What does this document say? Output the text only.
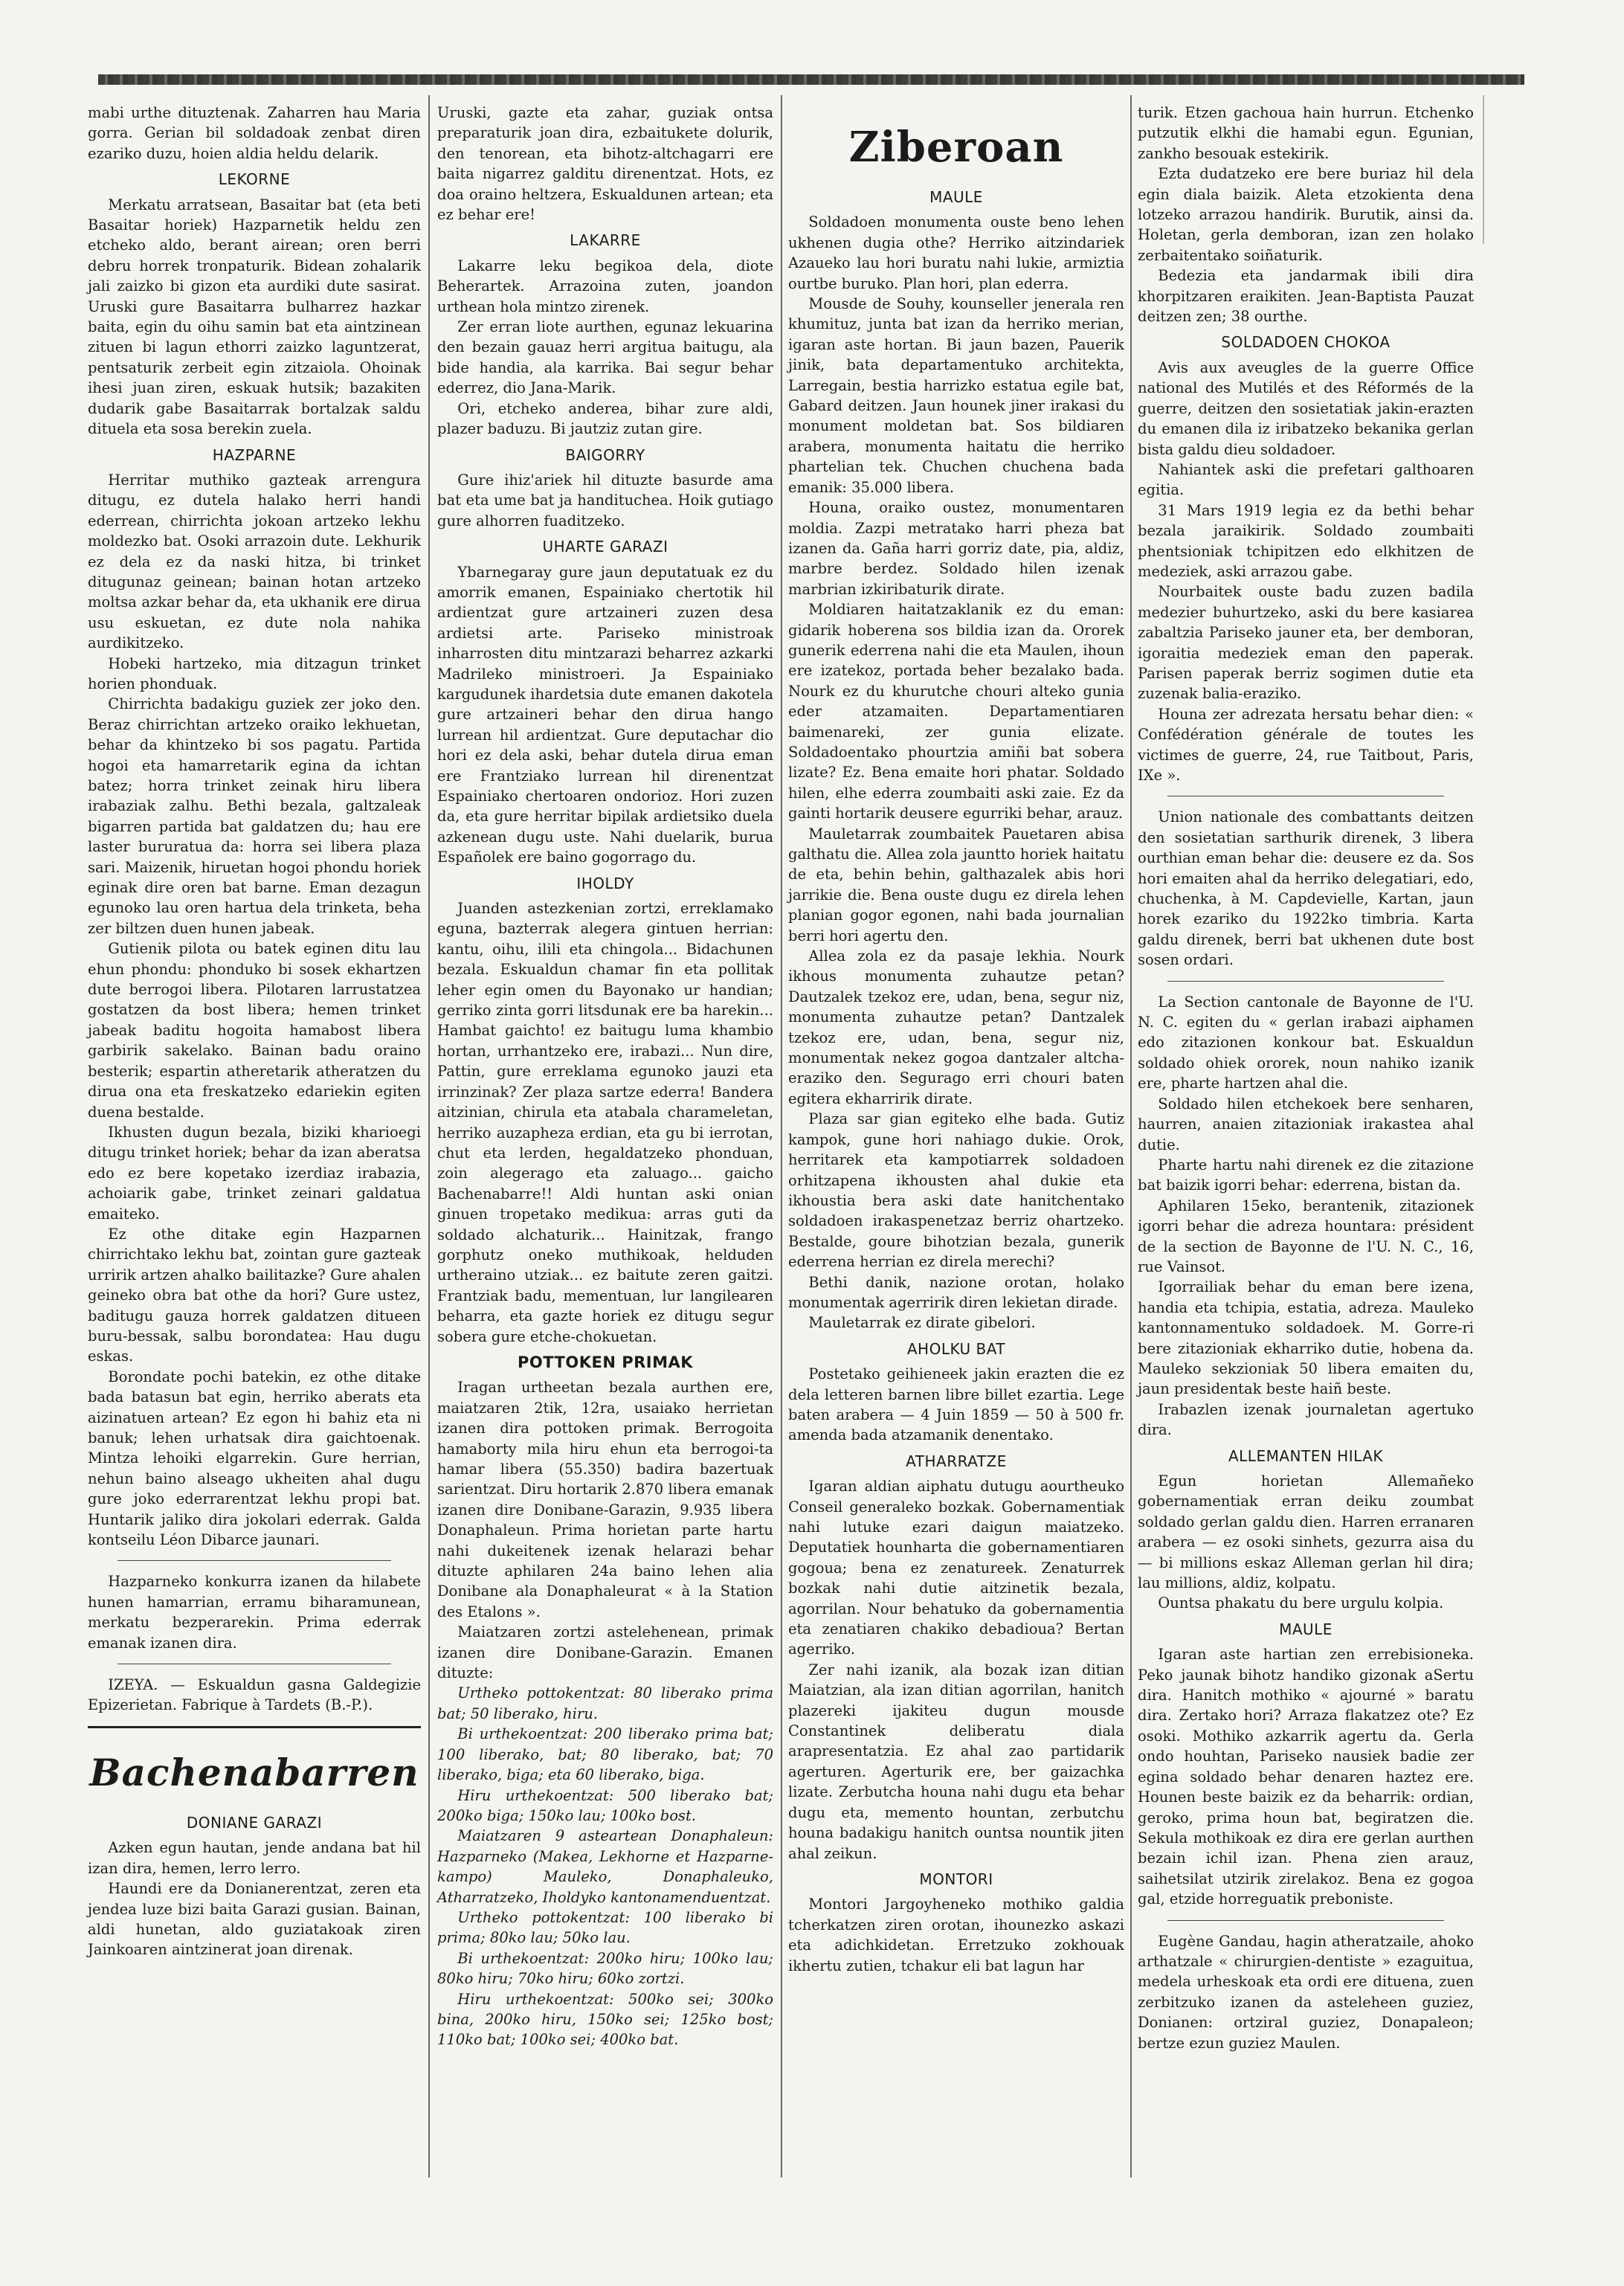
mabi urthe dituztenak. Zaharren hau Maria gorra. Gerian bil soldadoak zenbat diren ezariko duzu, hoien aldia heldu delarik.

LEKORNE

Merkatu arratsean, Basaitar bat (eta beti Basaitar horiek) Hazparnetik heldu zen etcheko aldo, berant airean; oren berri debru horrek tronpaturik. Bidean zohalarik jali zaizko bi gizon eta aurdiki dute sasirat. Uruski gure Basaitarra bulharrez hazkar baita, egin du oihu samin bat eta aintzinean zituen bi lagun ethorri zaizko laguntzerat, pentsaturik zerbeit egin zitzaiola. Ohoinak ihesi juan ziren, eskuak hutsik; bazakiten dudarik gabe Basaitarrak bortalzak saldu dituela eta sosa berekin zuela.

HAZPARNE

Herritar muthiko gazteak arrengura ditugu, ez dutela halako herri handi ederrean, chirrichta jokoan artzeko lekhu moldezko bat. Osoki arrazoin dute. Lekhurik ez dela ez da naski hitza, bi trinket ditugunaz geinean; bainan hotan artzeko moltsa azkar behar da, eta ukhanik ere dirua usu eskuetan, ez dute nola nahika aurdikitzeko.

Hobeki hartzeko, mia ditzagun trinket horien phonduak.

Chirrichta badakigu guziek zer joko den. Beraz chirrichtan artzeko oraiko lekhuetan, behar da khintzeko bi sos pagatu. Partida hogoi eta hamarretarik egina da ichtan batez; horra trinket zeinak hiru libera irabaziak zalhu. Bethi bezala, galtzaleak bigarren partida bat galdatzen du; hau ere laster bururatua da: horra sei libera plaza sari. Maizenik, hiruetan hogoi phondu horiek eginak dire oren bat barne. Eman dezagun egunoko lau oren hartua dela trinketa, beha zer biltzen duen hunen jabeak.

Gutienik pilota ou batek eginen ditu lau ehun phondu: phonduko bi sosek ekhartzen dute berrogoi libera. Pilotaren larrustatzea gostatzen da bost libera; hemen trinket jabeak baditu hogoita hamabost libera garbirik sakelako. Bainan badu oraino besterik; espartin atheretarik atheratzen du dirua ona eta freskatzeko edariekin egiten duena bestalde.

Ikhusten dugun bezala, biziki kharioegi ditugu trinket horiek; behar da izan aberatsa edo ez bere kopetako izerdiaz irabazia, achoiarik gabe, trinket zeinari galdatua emaiteko.

Ez othe ditake egin Hazparnen chirrichtako lekhu bat, zointan gure gazteak urririk artzen ahalko bailitazke? Gure ahalen geineko obra bat othe da hori? Gure ustez, baditugu gauza horrek galdatzen ditueen buru-bessak, salbu borondatea: Hau dugu eskas.

Borondate pochi batekin, ez othe ditake bada batasun bat egin, herriko aberats eta aizinatuen artean? Ez egon hi bahiz eta ni banuk; lehen urhatsak dira gaichtoenak. Mintza lehoiki elgarrekin. Gure herrian, nehun baino alseago ukheiten ahal dugu gure joko ederrarentzat lekhu propi bat. Huntarik jaliko dira jokolari ederrak. Galda kontseilu Léon Dibarce jaunari.

Hazparneko konkurra izanen da hilabete hunen hamarrian, erramu biharamunean, merkatu bezperarekin. Prima ederrak emanak izanen dira.

IZEYA. — Eskualdun gasna Galdegizie Epizerietan. Fabrique à Tardets (B.-P.).

Bachenabarren
DONIANE GARAZI

Azken egun hautan, jende andana bat hil izan dira, hemen, lerro lerro.

Haundi ere da Donianerentzat, zeren eta jendea luze bizi baita Garazi gusian. Bainan, aldi hunetan, aldo guziatakoak ziren Jainkoaren aintzinerat joan direnak.

Uruski, gazte eta zahar, guziak ontsa preparaturik joan dira, ezbaitukete dolurik, den tenorean, eta bihotz-altchagarri ere baita nigarrez galditu direnentzat. Hots, ez doa oraino heltzera, Eskualdunen artean; eta ez behar ere!

LAKARRE

Lakarre leku begikoa dela, diote Beherartek. Arrazoina zuten, joandon urthean hola mintzo zirenek.

Zer erran liote aurthen, egunaz lekuarina den bezain gauaz herri argitua baitugu, ala bide handia, ala karrika. Bai segur behar ederrez, dio Jana-Marik.

Ori, etcheko andereа, bihar zure aldi, plazer baduzu. Bi jautziz zutan gire.

BAIGORRY

Gure ihiz'ariek hil dituzte basurde ama bat eta ume bat ja handituchea. Hoik gutiago gure alhorren fuaditzeko.

UHARTE GARAZI

Ybarnegaray gure jaun deputatuak ez du amorrik emanen, Espainiako chertotik hil ardientzat gure artzaineri zuzen desa ardietsi arte. Pariseko ministroak inharrosten ditu mintzarazi beharrez azkarki Madrileko ministroeri. Ja Espainiako kargudunek ihardetsia dute emanen dakotela gure artzaineri behar den dirua hango lurrean hil ardientzat. Gure deputachar dio hori ez dela aski, behar dutela dirua eman ere Frantziako lurrean hil direnentzat Espainiako chertoaren ondorioz. Hori zuzen da, eta gure herritar bipilak ardietsiko duela azkenean dugu uste. Nahi duelarik, burua Españolek ere baino gogorrago du.

IHOLDY

Juanden astezkenian zortzi, erreklamako eguna, bazterrak alegera gintuen herrian: kantu, oihu, ilili eta chingola... Bidachunen bezala. Eskualdun chamar fin eta pollitak leher egin omen du Bayonako ur handian; gerriko zinta gorri litsdunak ere ba harekin... Hambat gaichto! ez baitugu luma khambio hortan, urrhantzeko ere, irabazi... Nun dire, Pattin, gure erreklama egunoko jauzi eta irrinzinak? Zer plaza sartze ederra! Bandera aitzinian, chirula eta atabala charameletan, herriko auzapheza erdian, eta gu bi ierrotan, chut eta lerden, hegaldatzeko phonduan, zoin alegerago eta zaluago... gaicho Bachenabarre!! Aldi huntan aski onian ginuen tropetako medikua: arras guti da soldado alchaturik... Hainitzak, frango gorphutz oneko muthikoak, helduden urtheraino utziak... ez baitute zeren gaitzi. Frantziak badu, mementuan, lur langilearen beharra, eta gazte horiek ez ditugu segur sobera gure etche-chokuetan.

POTTOKEN PRIMAK

Iragan urtheetan bezala aurthen ere, maiatzaren 2tik, 12ra, usaiako herrietan izanen dira pottoken primak. Berrogoita hamaborty mila hiru ehun eta berrogoi-ta hamar libera (55.350) badira bazertuak sarientzat. Diru hortarik 2.870 libera emanak izanen dire Donibane-Garazin, 9.935 libera Donaphaleun. Prima horietan parte hartu nahi dukeitenek izenak helarazi behar dituzte aphilaren 24a baino lehen alia Donibane ala Donaphaleurat « à la Station des Etalons ».

Maiatzaren zortzi astelehenean, primak izanen dire Donibane-Garazin. Emanen dituzte:

Urtheko pottokentzat: 80 liberako prima bat; 50 liberako, hiru.

Bi urthekoentzat: 200 liberako prima bat; 100 liberako, bat; 80 liberako, bat; 70 liberako, biga; eta 60 liberako, biga.

Hiru urthekoentzat: 500 liberako bat; 200ko biga; 150ko lau; 100ko bost.

Maiatzaren 9 astеartean Donaphaleun: Hazparneko (Makea, Lekhorne et Hazparne-kampo) Mauleko, Donaphaleuko, Atharratzeko, Iholdyko kantonamenduentzat.

Urtheko pottokentzat: 100 liberako bi prima; 80ko lau; 50ko lau.

Bi urthekoentzat: 200ko hiru; 100ko lau; 80ko hiru; 70ko hiru; 60ko zortzi.

Hiru urthekoentzat: 500ko sei; 300ko bina, 200ko hiru, 150ko sei; 125ko bost; 110ko bat; 100ko sei; 400ko bat.

Ziberoan
MAULE

Soldadoen monumenta ouste beno lehen ukhenen dugia othe? Herriko aitzindariek Azaueko lau hori buratu nahi lukie, armiztia ourtbe buruko. Plan hori, plan ederra.

Mousde de Souhy, kounseller jenerala ren khumituz, junta bat izan da herriko merian, igaran aste hortan. Bi jaun bazen, Pauerik jinik, bata departamentuko architekta, Larregain, bestia harrizko estatua egile bat, Gabard deitzen. Jaun hounek jiner irakasi du monument moldetan bat. Sos bildiaren arabera, monumenta haitatu die herriko phartelian tek. Chuchen chuchena bada emanik: 35.000 libera.

Houna, oraiko oustez, monumentaren moldia. Zazpi metratako harri pheza bat izanen da. Gaña harri gorriz date, pia, aldiz, marbre berdez. Soldado hilen izenak marbrian izkiribaturik dirate.

Moldiaren haitatzaklanik ez du eman: gidarik hoberena sos bildia izan da. Ororek gunerik ederrena nahi die eta Maulen, ihoun ere izatekoz, portada beher bezalako bada. Nourk ez du khurutche chouri alteko gunia eder atzamaiten. Departamentiaren baimenareki, zer gunia elizate. Soldadoentako phourtzia amiñi bat sobera lizate? Ez. Bena emaite hori phatar. Soldado hilen, elhe ederra zoumbaiti aski zaie. Ez da gainti hortarik deusere egurriki behar, arauz.

Mauletarrak zoumbaitek Pauetaren abisa galthatu die. Allea zola jauntto horiek haitatu de eta, behin behin, galthazalek abis hori jarrikie die. Bena ouste dugu ez direla lehen planian gogor egonen, nahi bada journalian berri hori agertu den.

Allea zola ez da pasaje lekhia. Nourk ikhous monumenta zuhautze petan? Dautzalek tzekoz ere, udan, bena, segur niz, monumenta zuhautze petan? Dantzalek tzekoz ere, udan, bena, segur niz, monumentak nekez gogoa dantzaler altcha-eraziko den. Segurago erri chouri baten egitera ekharririk dirate.

Plaza sar gian egiteko elhe bada. Gutiz kampok, gune hori nahiago dukie. Orok, herritarek eta kampotiarrek soldadoen orhitzapena ikhousten ahal dukie eta ikhoustia bera aski date hanitchentako soldadoen irakaspenetzaz berriz ohartzeko. Bestalde, goure bihotzian bezala, gunerik ederrena herrian ez direla merechi?

Bethi danik, nazione orotan, holako monumentak agerririk diren lekietan dirade.

Mauletarrak ez dirate gibelori.

AHOLKU BAT

Postetako geihieneek jakin erazten die ez dela letteren barnen libre billet ezartia. Lege baten arabera — 4 Juin 1859 — 50 à 500 fr. amenda bada atzamanik denentako.

ATHARRATZE

Igaran aldian aiphatu dutugu aourtheuko Conseil generaleko bozkak. Gobernamentiak nahi lutuke ezari daigun maiatzeko. Deputatiek hounharta die gobernamentiaren gogoua; bena ez zenatureek. Zenaturrek bozkak nahi dutie aitzinetik bezala, agorrilan. Nour behatuko da gobernamentia eta zenatiaren chakiko debadioua? Bertan agerriko.

Zer nahi izanik, ala bozak izan ditian Maiatzian, ala izan ditian agorrilan, hanitch plazereki ijakiteu dugun mousde Constantinek deliberatu diala arapresentatzia. Ez ahal zao partidarik agerturen. Agerturik ere, ber gaizachka lizate. Zerbutcha houna nahi dugu eta behar dugu eta, memento hountan, zerbutchu houna badakigu hanitch ountsa nountik jiten ahal zeikun.

MONTORI

Montori Jargoyheneko mothiko galdia tcherkatzen ziren orotan, ihounezko askazi eta adichkidetan. Erretzuko zokhouak ikhertu zutien, tchakur eli bat lagun har

turik. Etzen gachoua hain hurrun. Etchenko putzutik elkhi die hamabi egun. Egunian, zankho besouak estekirik.

Ezta dudatzeko ere bere buriaz hil dela egin diala baizik. Aleta etzokienta dena lotzeko arrazou handirik. Burutik, ainsi da. Holetan, gerla demboran, izan zen holako zerbaitentako soiñaturik.

Bedezia eta jandarmak ibili dira khorpitzaren eraikiten. Jean-Baptista Pauzat deitzen zen; 38 ourthe.

SOLDADOEN CHOKOA

Avis aux aveugles de la guerre Office national des Mutilés et des Réformés de la guerre, deitzen den sosietatiak jakin-erazten du emanen dila iz iribatzeko bekanika gerlan bista galdu dieu soldadoer.

Nahiantek aski die prefetari galthoaren egitia.

31 Mars 1919 legia ez da bethi behar bezala jaraikirik. Soldado zoumbaiti phentsioniak tchipitzen edo elkhitzen de medeziek, aski arrazou gabe.

Nourbaitek ouste badu zuzen badila medezier buhurtzeko, aski du bere kasiarea zabaltzia Pariseko jauner eta, ber demboran, igoraitia medeziek eman den paperak. Parisen paperak berriz sogimen dutie eta zuzenak balia-eraziko.

Houna zer adrezata hersatu behar dien: « Confédération générale de toutes les victimes de guerre, 24, rue Taitbout, Paris, IXe ».

Union nationale des combattants deitzen den sosietatian sarthurik direnek, 3 libera ourthian eman behar die: deusere ez da. Sos hori emaiten ahal da herriko delegatiari, edo, chuchenka, à M. Capdevielle, Kartan, jaun horek ezariko du 1922ko timbria. Karta galdu direnek, berri bat ukhenen dute bost sosen ordari.

La Section cantonale de Bayonne de l'U. N. C. egiten du « gerlan irabazi aiphamen edo zitazionen konkour bat. Eskualdun soldado ohiek ororek, noun nahiko izanik ere, pharte hartzen ahal die.

Soldado hilen etchekoek bere senharen, haurren, anaien zitazioniak irakastea ahal dutie.

Pharte hartu nahi direnek ez die zitazione bat baizik igorri behar: ederrena, bistan da.

Aphilaren 15eko, berantenik, zitazionek igorri behar die adreza hountara: président de la section de Bayonne de l'U. N. C., 16, rue Vainsot.

Igorrailiak behar du eman bere izena, handia eta tchipia, estatia, adreza. Mauleko kantonnamentuko soldadoek. M. Gorre-ri bere zitazioniak ekharriko dutie, hobena da. Mauleko sekzioniak 50 libera emaiten du, jaun presidentak beste haiñ beste.

Irabazlen izenak journaletan agertuko dira.

ALLEMANTEN HILAK

Egun horietan Allemañeko gobernamentiak erran deiku zoumbat soldado gerlan galdu dien. Harren erranaren arabera — ez osoki sinhets, gezurra aisa du — bi millions eskaz Alleman gerlan hil dira; lau millions, aldiz, kolpatu.

Ountsa phakatu du bere urgulu kolpia.

MAULE

Igaran aste hartian zen errebisioneka. Peko jaunak bihotz handiko gizonak aSertu dira. Hanitch mothiko « ajourné » baratu dira. Zertako hori? Arraza flakatzez ote? Ez osoki. Mothiko azkarrik agertu da. Gerla ondo houhtan, Pariseko nausiek badie zer egina soldado behar denaren haztez ere. Hounen beste baizik ez da beharrik: ordian, geroko, prima houn bat, begiratzen die. Sekula mothikoak ez dira ere gerlan aurthen bezain ichil izan. Phena zien arauz, saihetsilat utzirik zirelakoz. Bena ez gogoa gal, etzide horreguatik preboniste.

Eugène Gandau, hagin atheratzaile, ahoko arthatzale « chirurgien-dentiste » ezaguitua, medela urheskoak eta ordi ere dituena, zuen zerbitzuko izanen da asteleheen guziez, Donianen: ortziral guziez, Donapaleon; bertze ezun guziez Maulen.
